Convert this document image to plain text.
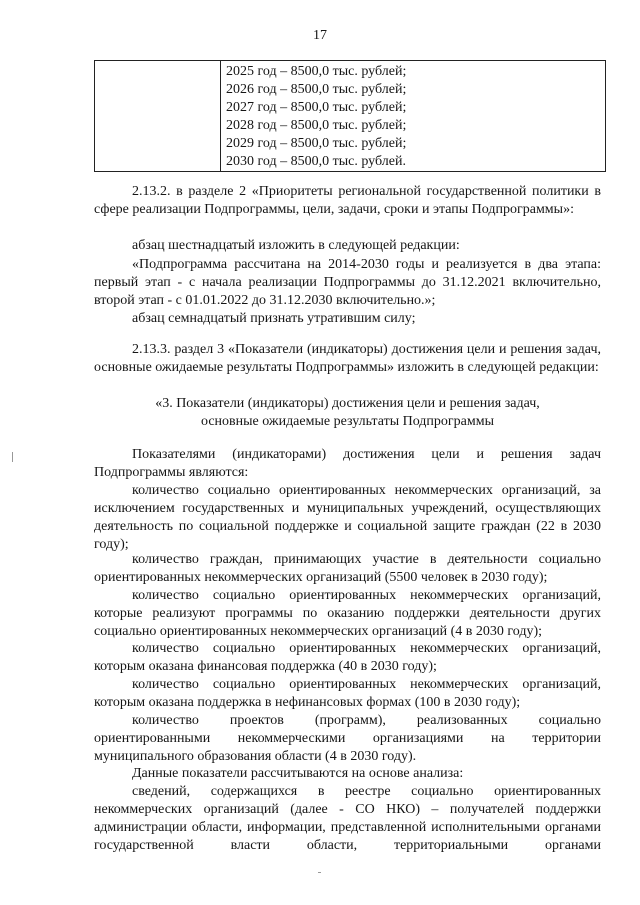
17
2025 год – 8500,0 тыс. рублей;
2026 год – 8500,0 тыс. рублей;
2027 год – 8500,0 тыс. рублей;
2028 год – 8500,0 тыс. рублей;
2029 год – 8500,0 тыс. рублей;
2030 год – 8500,0 тыс. рублей.
2.13.2. в разделе 2 «Приоритеты региональной государственной политики в сфере реализации Подпрограммы, цели, задачи, сроки и этапы Подпрограммы»:
абзац шестнадцатый изложить в следующей редакции:
«Подпрограмма рассчитана на 2014-2030 годы и реализуется в два этапа: первый этап - с начала реализации Подпрограммы до 31.12.2021 включительно, второй этап - с 01.01.2022 до 31.12.2030 включительно.»;
абзац семнадцатый признать утратившим силу;
2.13.3. раздел 3 «Показатели (индикаторы) достижения цели и решения задач, основные ожидаемые результаты Подпрограммы» изложить в следующей редакции:
«3. Показатели (индикаторы) достижения цели и решения задач,
основные ожидаемые результаты Подпрограммы
Показателями (индикаторами) достижения цели и решения задач Подпрограммы являются:
количество социально ориентированных некоммерческих организаций, за исключением государственных и муниципальных учреждений, осуществляющих деятельность по социальной поддержке и социальной защите граждан (22 в 2030 году);
количество граждан, принимающих участие в деятельности социально ориентированных некоммерческих организаций (5500 человек в 2030 году);
количество социально ориентированных некоммерческих организаций, которые реализуют программы по оказанию поддержки деятельности других социально ориентированных некоммерческих организаций (4 в 2030 году);
количество социально ориентированных некоммерческих организаций, которым оказана финансовая поддержка (40 в 2030 году);
количество социально ориентированных некоммерческих организаций, которым оказана поддержка в нефинансовых формах (100 в 2030 году);
количество проектов (программ), реализованных социально ориентированными некоммерческими организациями на территории муниципального образования области (4 в 2030 году).
Данные показатели рассчитываются на основе анализа:
сведений, содержащихся в реестре социально ориентированных некоммерческих организаций (далее - СО НКО) – получателей поддержки администрации области, информации, представленной исполнительными органами государственной власти области, территориальными органами
